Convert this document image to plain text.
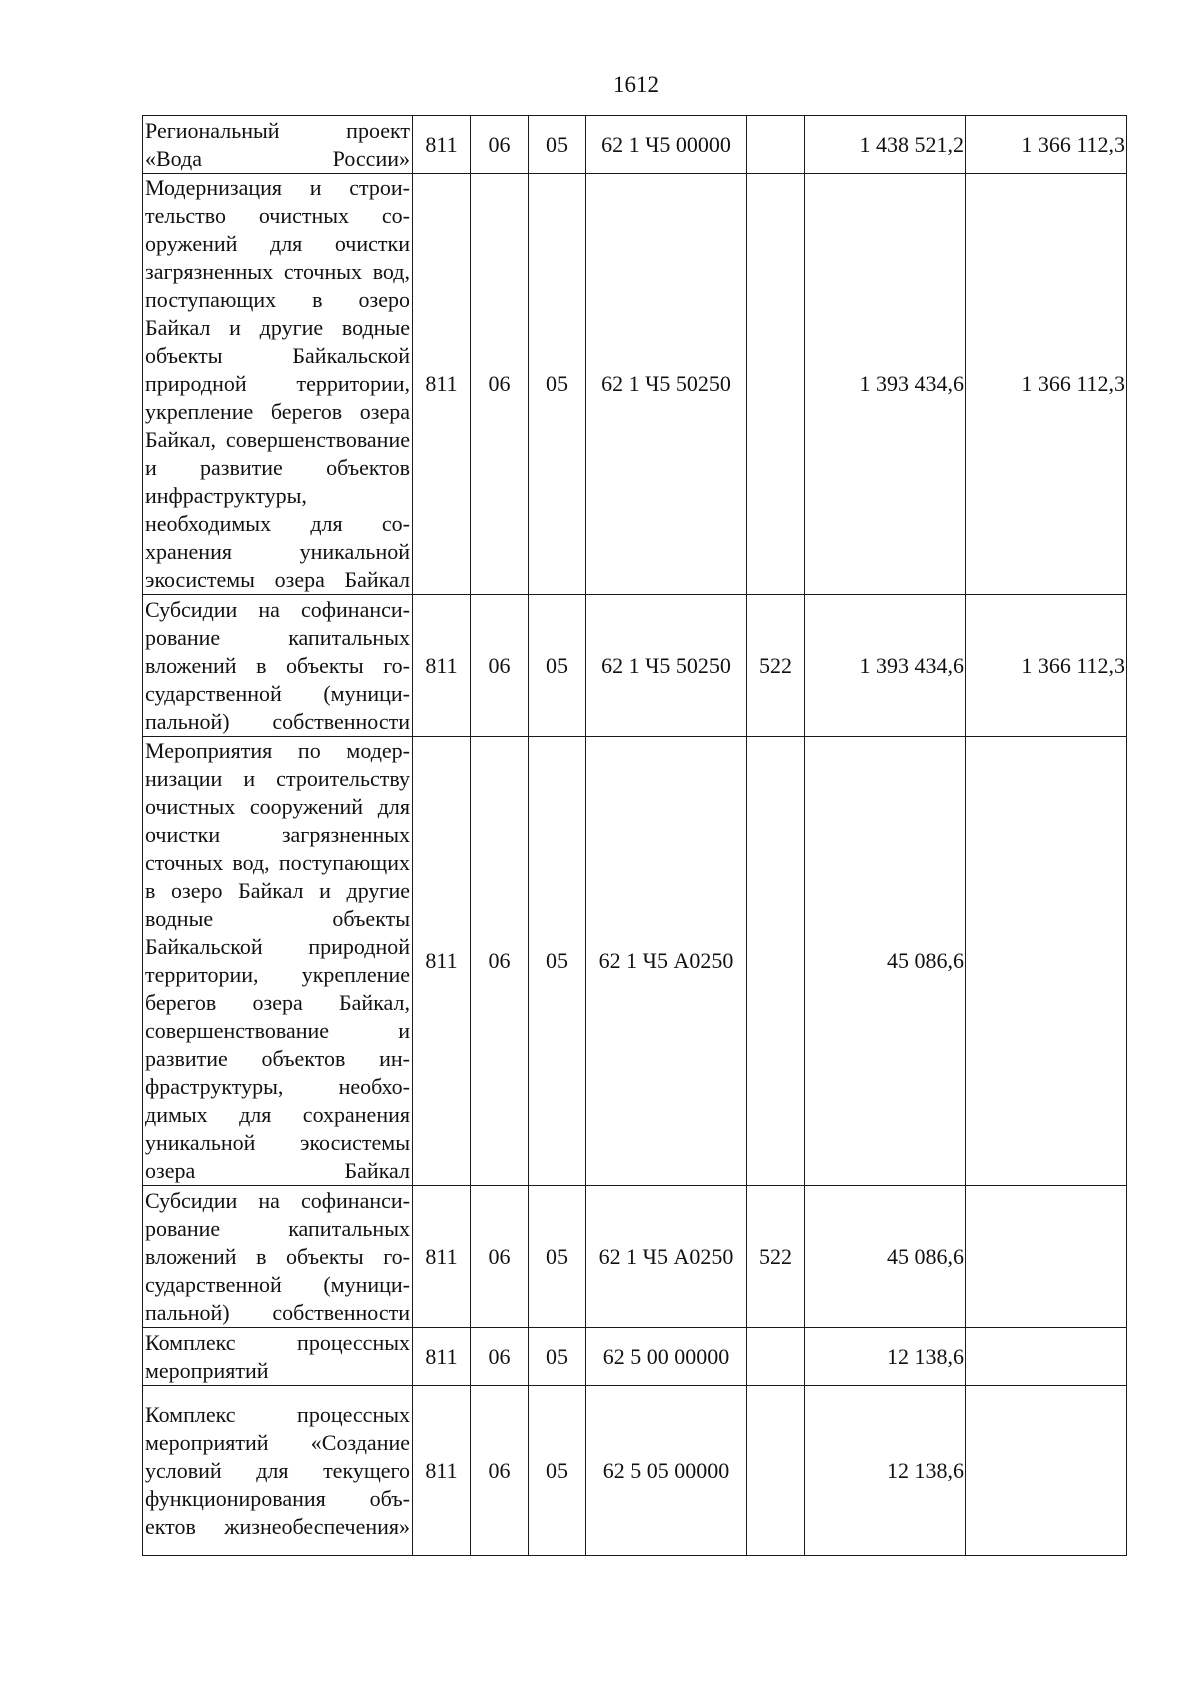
1612
Региональный проект «Вода России»	811	06	05	62 1 Ч5 00000		1 438 521,2	1 366 112,3
Модернизация и строительство очистных сооружений для очистки загрязненных сточных вод, поступающих в озеро Байкал и другие водные объекты Байкальской природной территории, укрепление берегов озера Байкал, совершенствование и развитие объектов инфраструктуры, необходимых для сохранения уникальной экосистемы озера Байкал	811	06	05	62 1 Ч5 50250		1 393 434,6	1 366 112,3
Субсидии на софинансирование капитальных вложений в объекты государственной (муниципальной) собственности	811	06	05	62 1 Ч5 50250	522	1 393 434,6	1 366 112,3
Мероприятия по модернизации и строительству очистных сооружений для очистки загрязненных сточных вод, поступающих в озеро Байкал и другие водные объекты Байкальской природной территории, укрепление берегов озера Байкал, совершенствование и развитие объектов инфраструктуры, необходимых для сохранения уникальной экосистемы озера Байкал	811	06	05	62 1 Ч5 А0250		45 086,6	
Субсидии на софинансирование капитальных вложений в объекты государственной (муниципальной) собственности	811	06	05	62 1 Ч5 А0250	522	45 086,6	
Комплекс процессных мероприятий	811	06	05	62 5 00 00000		12 138,6	
Комплекс процессных мероприятий «Создание условий для текущего функционирования объектов жизнеобеспечения»	811	06	05	62 5 05 00000		12 138,6	
